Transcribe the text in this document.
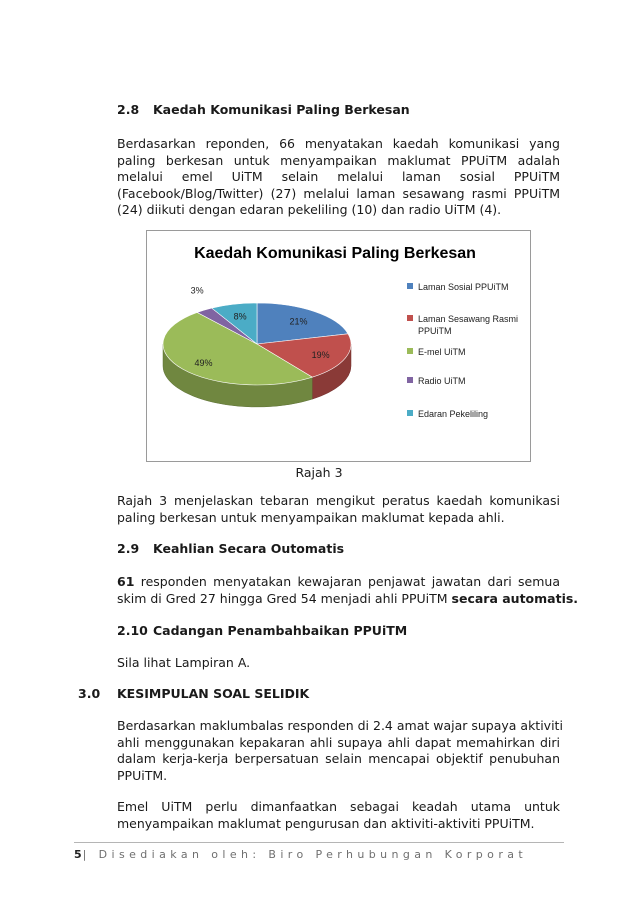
2.8 Kaedah Komunikasi Paling Berkesan
Berdasarkan reponden, 66 menyatakan kaedah komunikasi yang
paling berkesan untuk menyampaikan maklumat PPUiTM adalah
melalui emel UiTM selain melalui laman sosial PPUiTM
(Facebook/Blog/Twitter) (27) melalui laman sesawang rasmi PPUiTM
(24) diikuti dengan edaran pekeliling (10) dan radio UiTM (4).
Kaedah Komunikasi Paling Berkesan
21%
19%
49%
3%
8%
Laman Sosial PPUiTM
Laman Sesawang Rasmi
PPUiTM
E-mel UiTM
Radio UiTM
Edaran Pekeliling
Rajah 3
Rajah 3 menjelaskan tebaran mengikut peratus kaedah komunikasi
paling berkesan untuk menyampaikan maklumat kepada ahli.
2.9 Keahlian Secara Outomatis
61 responden menyatakan kewajaran penjawat jawatan dari semua
skim di Gred 27 hingga Gred 54 menjadi ahli PPUiTM secara automatis.
2.10 Cadangan Penambahbaikan PPUiTM
Sila lihat Lampiran A.
3.0 KESIMPULAN SOAL SELIDIK
Berdasarkan maklumbalas responden di 2.4 amat wajar supaya aktiviti
ahli menggunakan kepakaran ahli supaya ahli dapat memahirkan diri
dalam kerja-kerja berpersatuan selain mencapai objektif penubuhan
PPUiTM.
Emel UiTM perlu dimanfaatkan sebagai keadah utama untuk
menyampaikan maklumat pengurusan dan aktiviti-aktiviti PPUiTM.
5| Disediakan oleh: Biro Perhubungan Korporat
